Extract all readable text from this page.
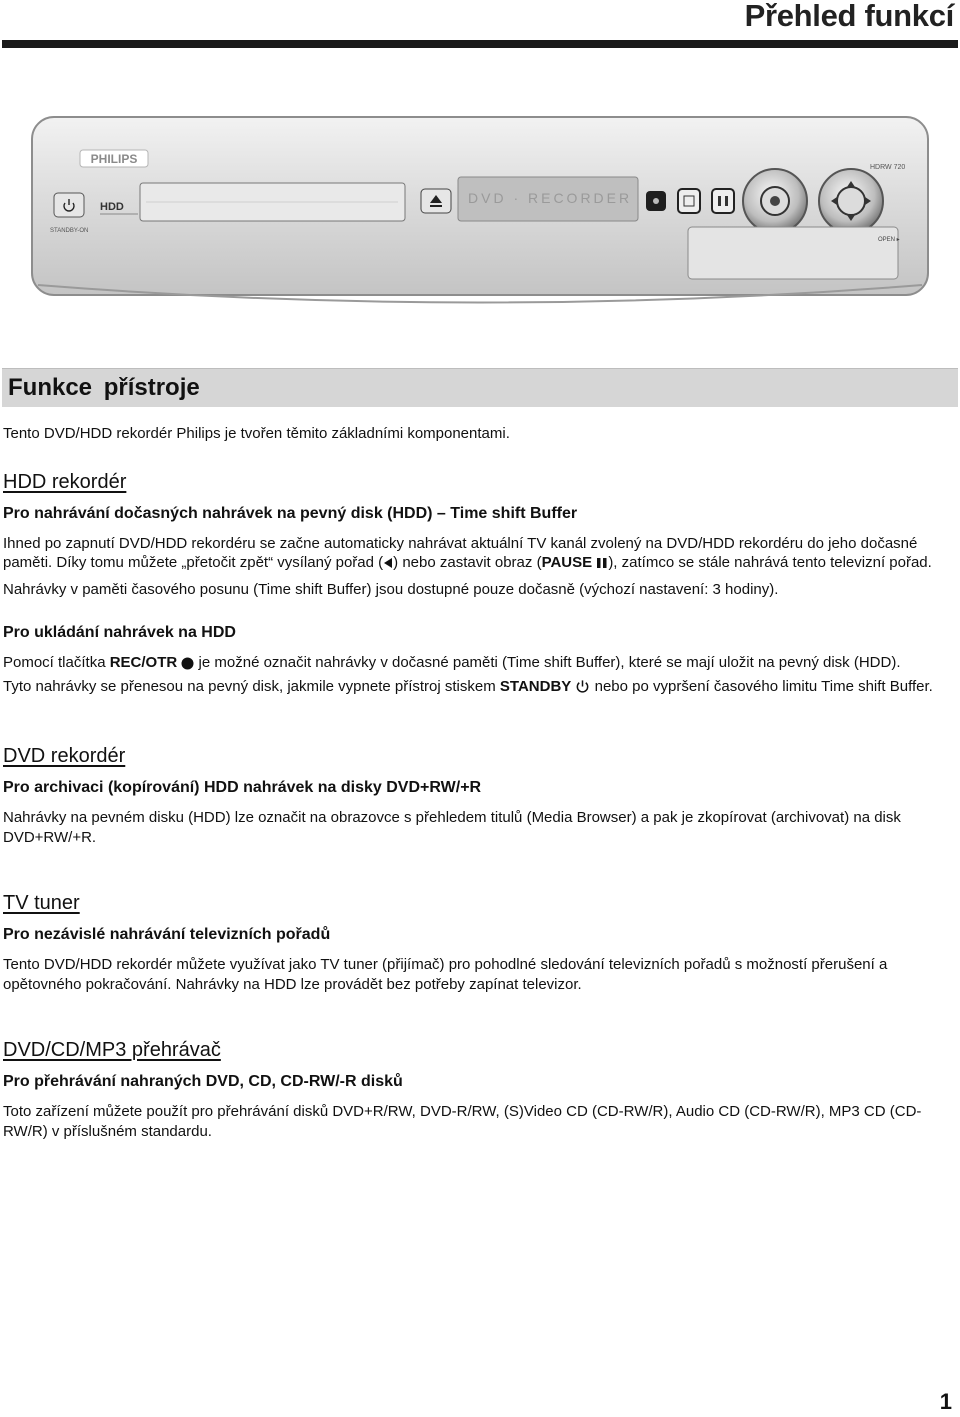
Přehled funkcí
PHILIPS
HDRW 720
STANDBY-ON
HDD
DVD · RECORDER
OPEN ▸
Funkce přístroje

Tento DVD/HDD rekordér Philips je tvořen těmito základními komponentami.

HDD rekordér
Pro nahrávání dočasných nahrávek na pevný disk (HDD) – Time shift Buffer

Ihned po zapnutí DVD/HDD rekordéru se začne automaticky nahrávat aktuální TV kanál zvolený na DVD/HDD rekordéru do jeho dočasné paměti. Díky tomu můžete „přetočit zpět“ vysílaný pořad ( ) nebo zastavit obraz (PAUSE ), zatímco se stále nahrává tento televizní pořad.

Nahrávky v paměti časového posunu (Time shift Buffer) jsou dostupné pouze dočasně (výchozí nastavení: 3 hodiny).

Pro ukládání nahrávek na HDD

Pomocí tlačítka REC/OTR  je možné označit nahrávky v dočasné paměti (Time shift Buffer), které se mají uložit na pevný disk (HDD).

Tyto nahrávky se přenesou na pevný disk, jakmile vypnete přístroj stiskem STANDBY  nebo po vypršení časového limitu Time shift Buffer.

DVD rekordér
Pro archivaci (kopírování) HDD nahrávek na disky DVD+RW/+R

Nahrávky na pevném disku (HDD) lze označit na obrazovce s přehledem titulů (Media Browser) a pak je zkopírovat (archivovat) na disk DVD+RW/+R.

TV tuner
Pro nezávislé nahrávání televizních pořadů

Tento DVD/HDD rekordér můžete využívat jako TV tuner (přijímač) pro pohodlné sledování televizních pořadů s možností přerušení a opětovného pokračování. Nahrávky na HDD lze provádět bez potřeby zapínat televizor.

DVD/CD/MP3 přehrávač
Pro přehrávání nahraných DVD, CD, CD-RW/-R disků

Toto zařízení můžete použít pro přehrávání disků DVD+R/RW, DVD-R/RW, (S)Video CD (CD-RW/R), Audio CD (CD-RW/R), MP3 CD (CD-RW/R) v příslušném standardu.

1
